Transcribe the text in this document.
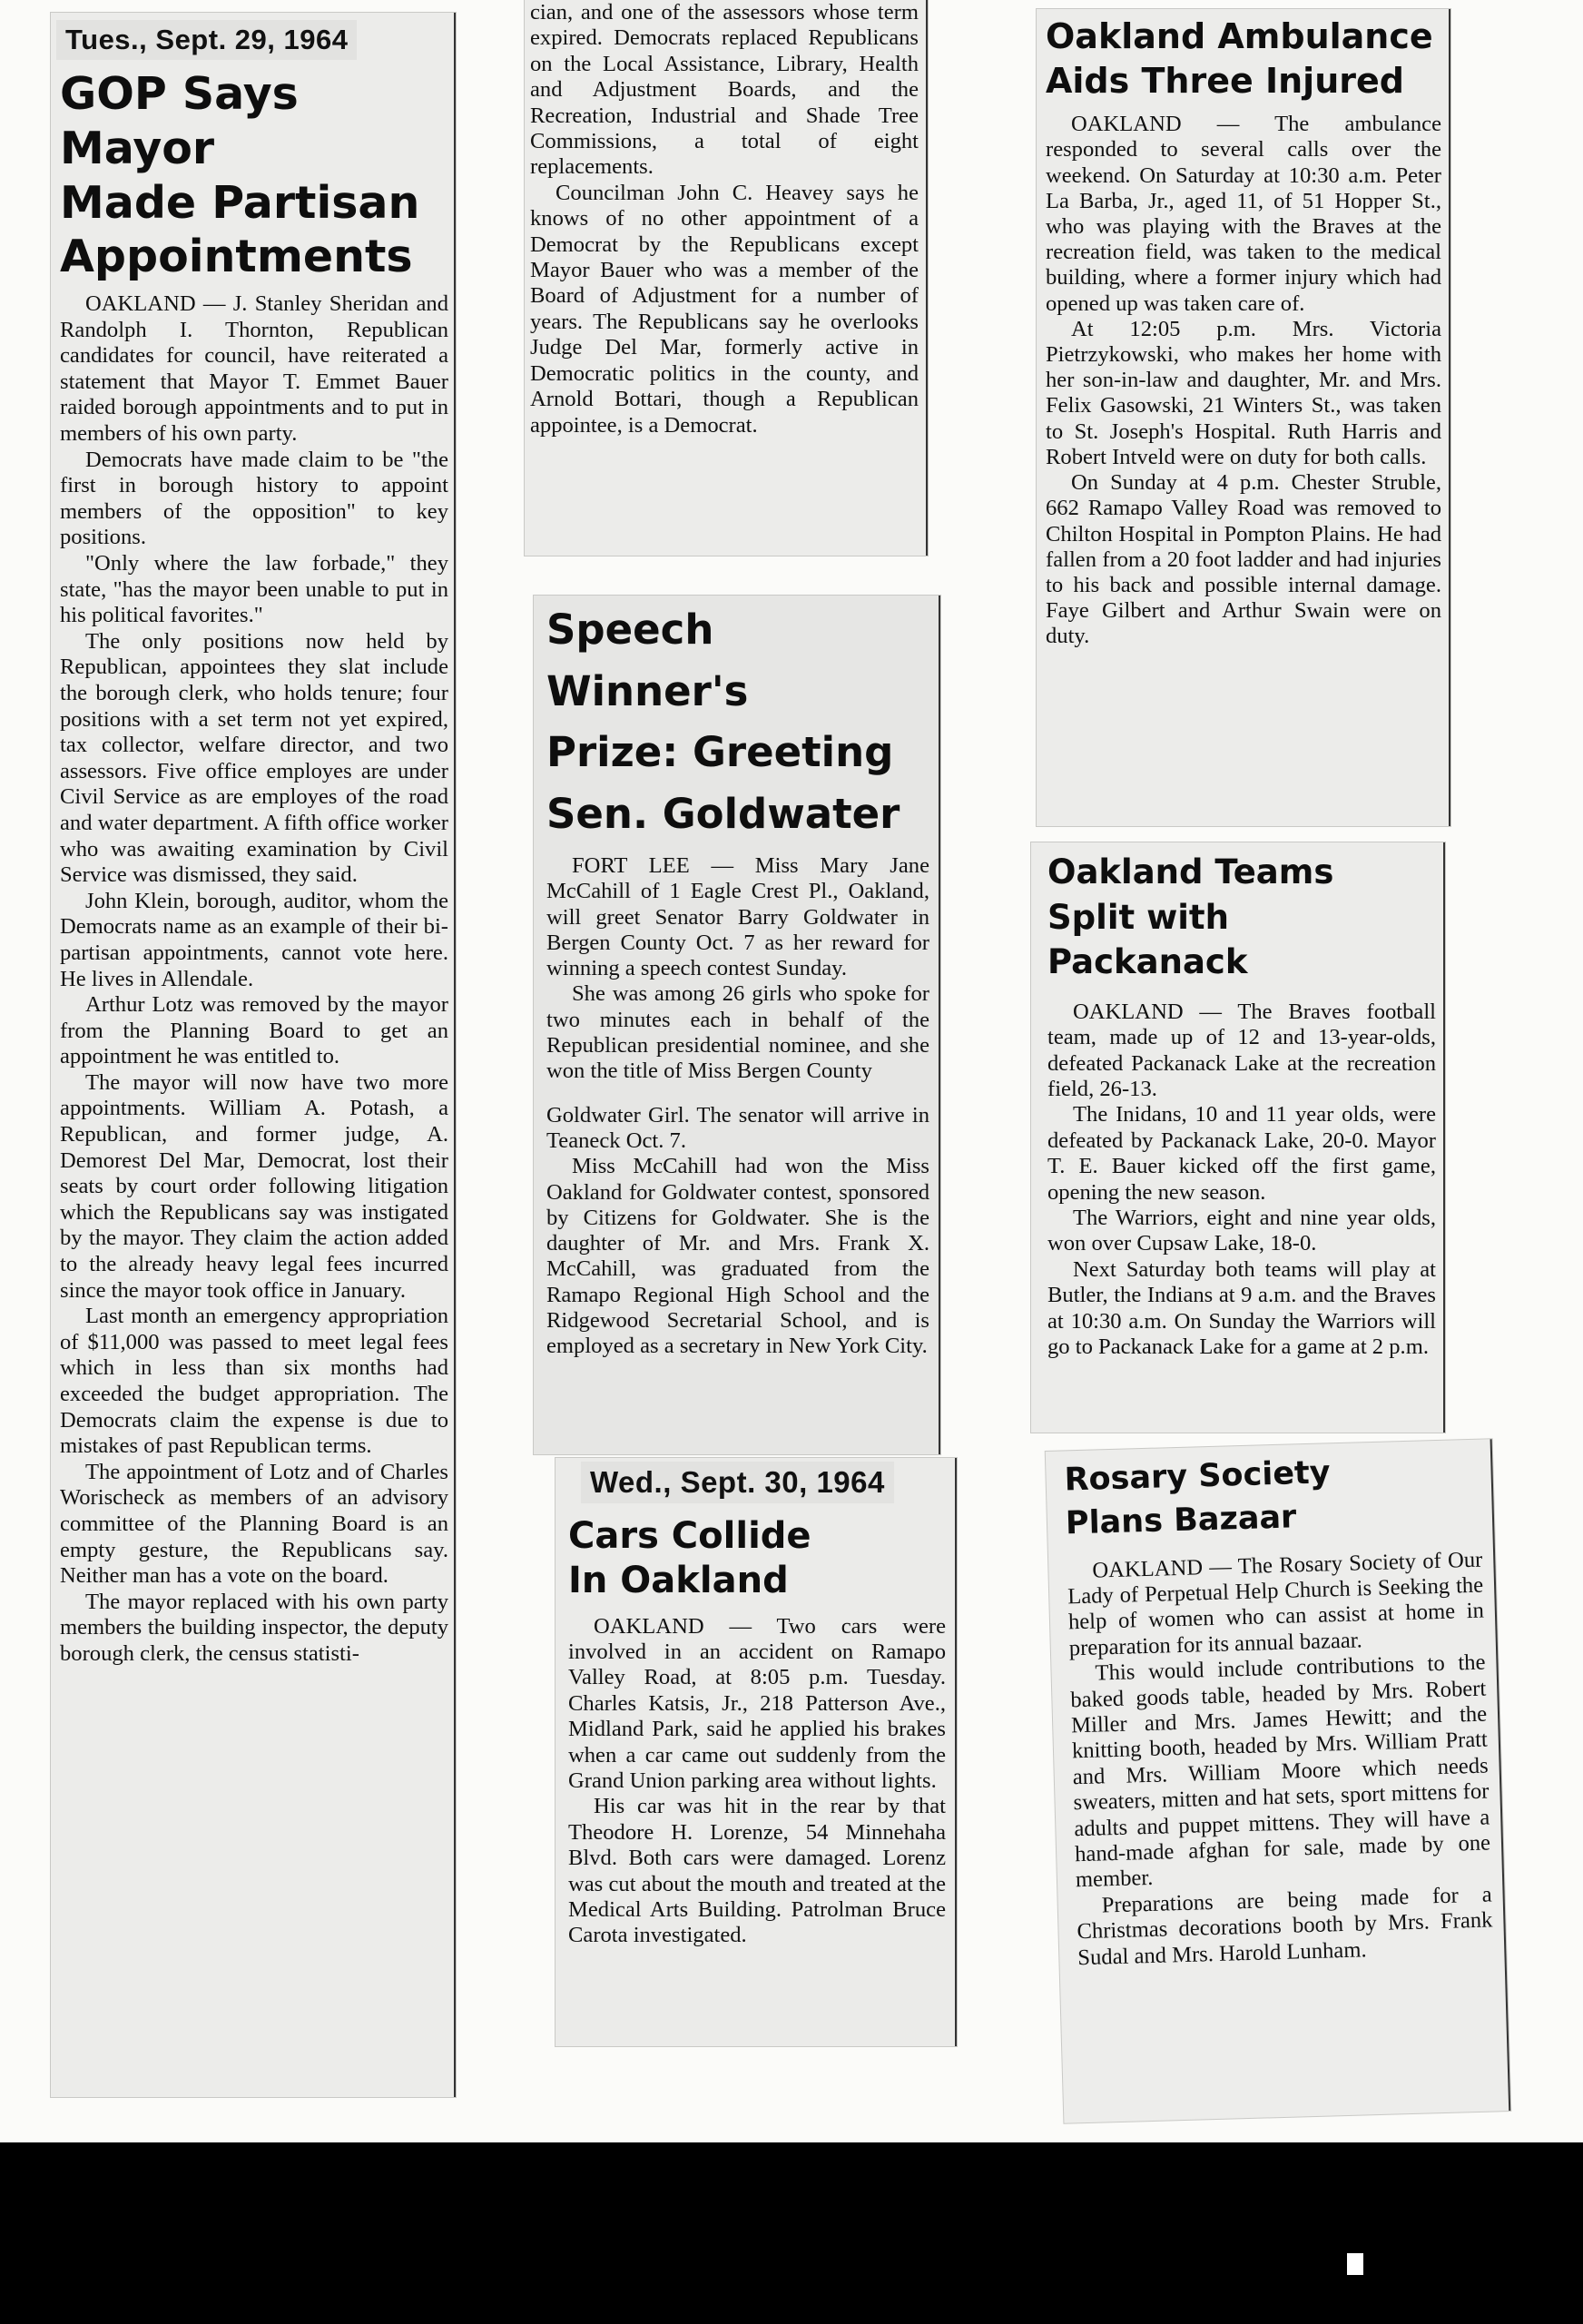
Tues., Sept. 29, 1964
GOP Says Mayor
Made Partisan
Appointments

OAKLAND — J. Stanley Sheridan and Randolph I. Thornton, Republican candidates for council, have reiterated a statement that Mayor T. Emmet Bauer raided borough appointments and to put in members of his own party.

Democrats have made claim to be "the first in borough history to appoint members of the opposition" to key positions.

"Only where the law forbade," they state, "has the mayor been unable to put in his political favorites."

The only positions now held by Republican, appointees they slat include the borough clerk, who holds tenure; four positions with a set term not yet expired, tax collector, welfare director, and two assessors. Five office employes are under Civil Service as are employes of the road and water department. A fifth office worker who was awaiting examination by Civil Service was dismissed, they said.

John Klein, borough, auditor, whom the Democrats name as an example of their bi-partisan appointments, cannot vote here. He lives in Allendale.

Arthur Lotz was removed by the mayor from the Planning Board to get an appointment he was entitled to.

The mayor will now have two more appointments. William A. Potash, a Republican, and former judge, A. Demorest Del Mar, Democrat, lost their seats by court order following litigation which the Republicans say was instigated by the mayor. They claim the action added to the already heavy legal fees incurred since the mayor took office in January.

Last month an emergency appropriation of $11,000 was passed to meet legal fees which in less than six months had exceeded the budget appropriation. The Democrats claim the expense is due to mistakes of past Republican terms.

The appointment of Lotz and of Charles Worischeck as members of an advisory committee of the Planning Board is an empty gesture, the Republicans say. Neither man has a vote on the board.

The mayor replaced with his own party members the building inspector, the deputy borough clerk, the census statisti-

cian, and one of the assessors whose term expired. Democrats replaced Republicans on the Local Assistance, Library, Health and Adjustment Boards, and the Recreation, Industrial and Shade Tree Commissions, a total of eight replacements.

Councilman John C. Heavey says he knows of no other appointment of a Democrat by the Republicans except Mayor Bauer who was a member of the Board of Adjustment for a number of years. The Republicans say he overlooks Judge Del Mar, formerly active in Democratic politics in the county, and Arnold Bottari, though a Republican appointee, is a Democrat.

Speech Winner's
Prize: Greeting
Sen. Goldwater

FORT LEE — Miss Mary Jane McCahill of 1 Eagle Crest Pl., Oakland, will greet Senator Barry Goldwater in Bergen County Oct. 7 as her reward for winning a speech contest Sunday.

She was among 26 girls who spoke for two minutes each in behalf of the Republican presidential nominee, and she won the title of Miss Bergen County

Goldwater Girl. The senator will arrive in Teaneck Oct. 7.

Miss McCahill had won the Miss Oakland for Goldwater contest, sponsored by Citizens for Goldwater. She is the daughter of Mr. and Mrs. Frank X. McCahill, was graduated from the Ramapo Regional High School and the Ridgewood Secretarial School, and is employed as a secretary in New York City.

Wed., Sept. 30, 1964
Cars Collide
In Oakland

OAKLAND — Two cars were involved in an accident on Ramapo Valley Road, at 8:05 p.m. Tuesday. Charles Katsis, Jr., 218 Patterson Ave., Midland Park, said he applied his brakes when a car came out suddenly from the Grand Union parking area without lights.

His car was hit in the rear by that Theodore H. Lorenze, 54 Minnehaha Blvd. Both cars were damaged. Lorenz was cut about the mouth and treated at the Medical Arts Building. Patrolman Bruce Carota investigated.

Oakland Ambulance
Aids Three Injured

OAKLAND — The ambulance responded to several calls over the weekend. On Saturday at 10:30 a.m. Peter La Barba, Jr., aged 11, of 51 Hopper St., who was playing with the Braves at the recreation field, was taken to the medical building, where a former injury which had opened up was taken care of.

At 12:05 p.m. Mrs. Victoria Pietrzykowski, who makes her home with her son-in-law and daughter, Mr. and Mrs. Felix Gasowski, 21 Winters St., was taken to St. Joseph's Hospital. Ruth Harris and Robert Intveld were on duty for both calls.

On Sunday at 4 p.m. Chester Struble, 662 Ramapo Valley Road was removed to Chilton Hospital in Pompton Plains. He had fallen from a 20 foot ladder and had injuries to his back and possible internal damage. Faye Gilbert and Arthur Swain were on duty.

Oakland Teams
Split with Packanack

OAKLAND — The Braves football team, made up of 12 and 13-year-olds, defeated Packanack Lake at the recreation field, 26-13.

The Inidans, 10 and 11 year olds, were defeated by Packanack Lake, 20-0. Mayor T. E. Bauer kicked off the first game, opening the new season.

The Warriors, eight and nine year olds, won over Cupsaw Lake, 18-0.

Next Saturday both teams will play at Butler, the Indians at 9 a.m. and the Braves at 10:30 a.m. On Sunday the Warriors will go to Packanack Lake for a game at 2 p.m.

Rosary Society
Plans Bazaar

OAKLAND — The Rosary Society of Our Lady of Perpetual Help Church is Seeking the help of women who can assist at home in preparation for its annual bazaar.

This would include contributions to the baked goods table, headed by Mrs. Robert Miller and Mrs. James Hewitt; and the knitting booth, headed by Mrs. William Pratt and Mrs. William Moore which needs sweaters, mitten and hat sets, sport mittens for adults and puppet mittens. They will have a hand-made afghan for sale, made by one member.

Preparations are being made for a Christmas decorations booth by Mrs. Frank Sudal and Mrs. Harold Lunham.
